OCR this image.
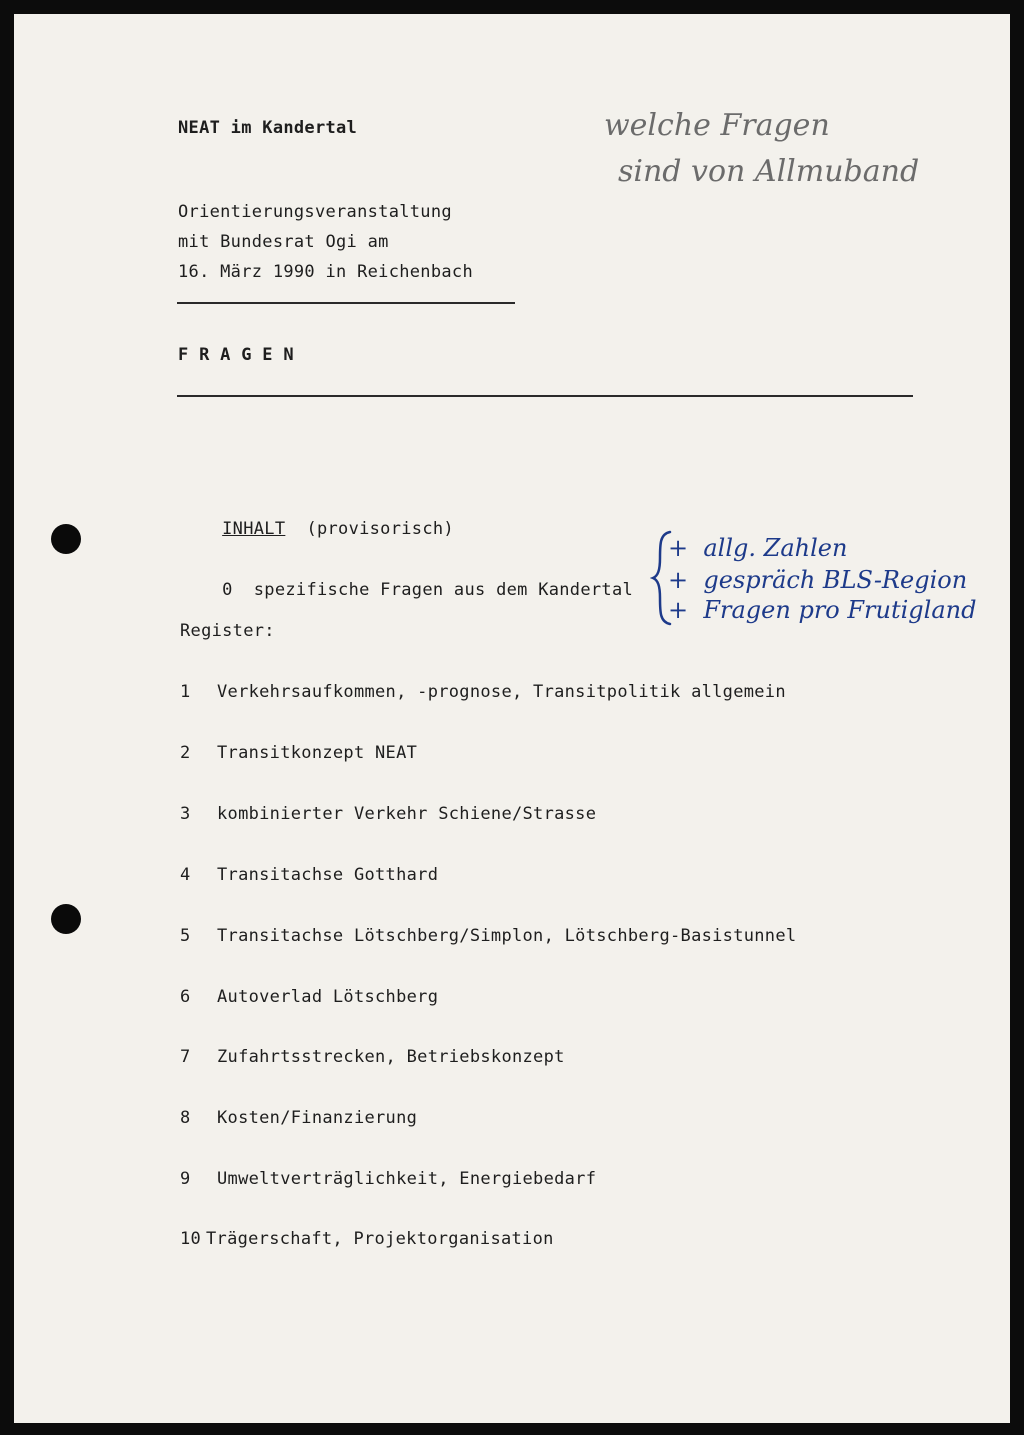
NEAT im Kandertal
Orientierungsveranstaltung
mit Bundesrat Ogi am
16. März 1990 in Reichenbach
F R A G E N

INHALT (provisorisch)

0 spezifische Fragen aus dem Kandertal

Register:
1	Verkehrsaufkommen, -prognose, Transitpolitik allgemein
2	Transitkonzept NEAT
3	kombinierter Verkehr Schiene/Strasse
4	Transitachse Gotthard
5	Transitachse Lötschberg/Simplon, Lötschberg-Basistunnel
6	Autoverlad Lötschberg
7	Zufahrtsstrecken, Betriebskonzept
8	Kosten/Finanzierung
9	Umweltverträglichkeit, Energiebedarf
10 Trägerschaft, Projektorganisation
welche Fragen
sind von Allmuband
+ allg. Zahlen
+ gespräch BLS-Region
+ Fragen pro Frutigland
